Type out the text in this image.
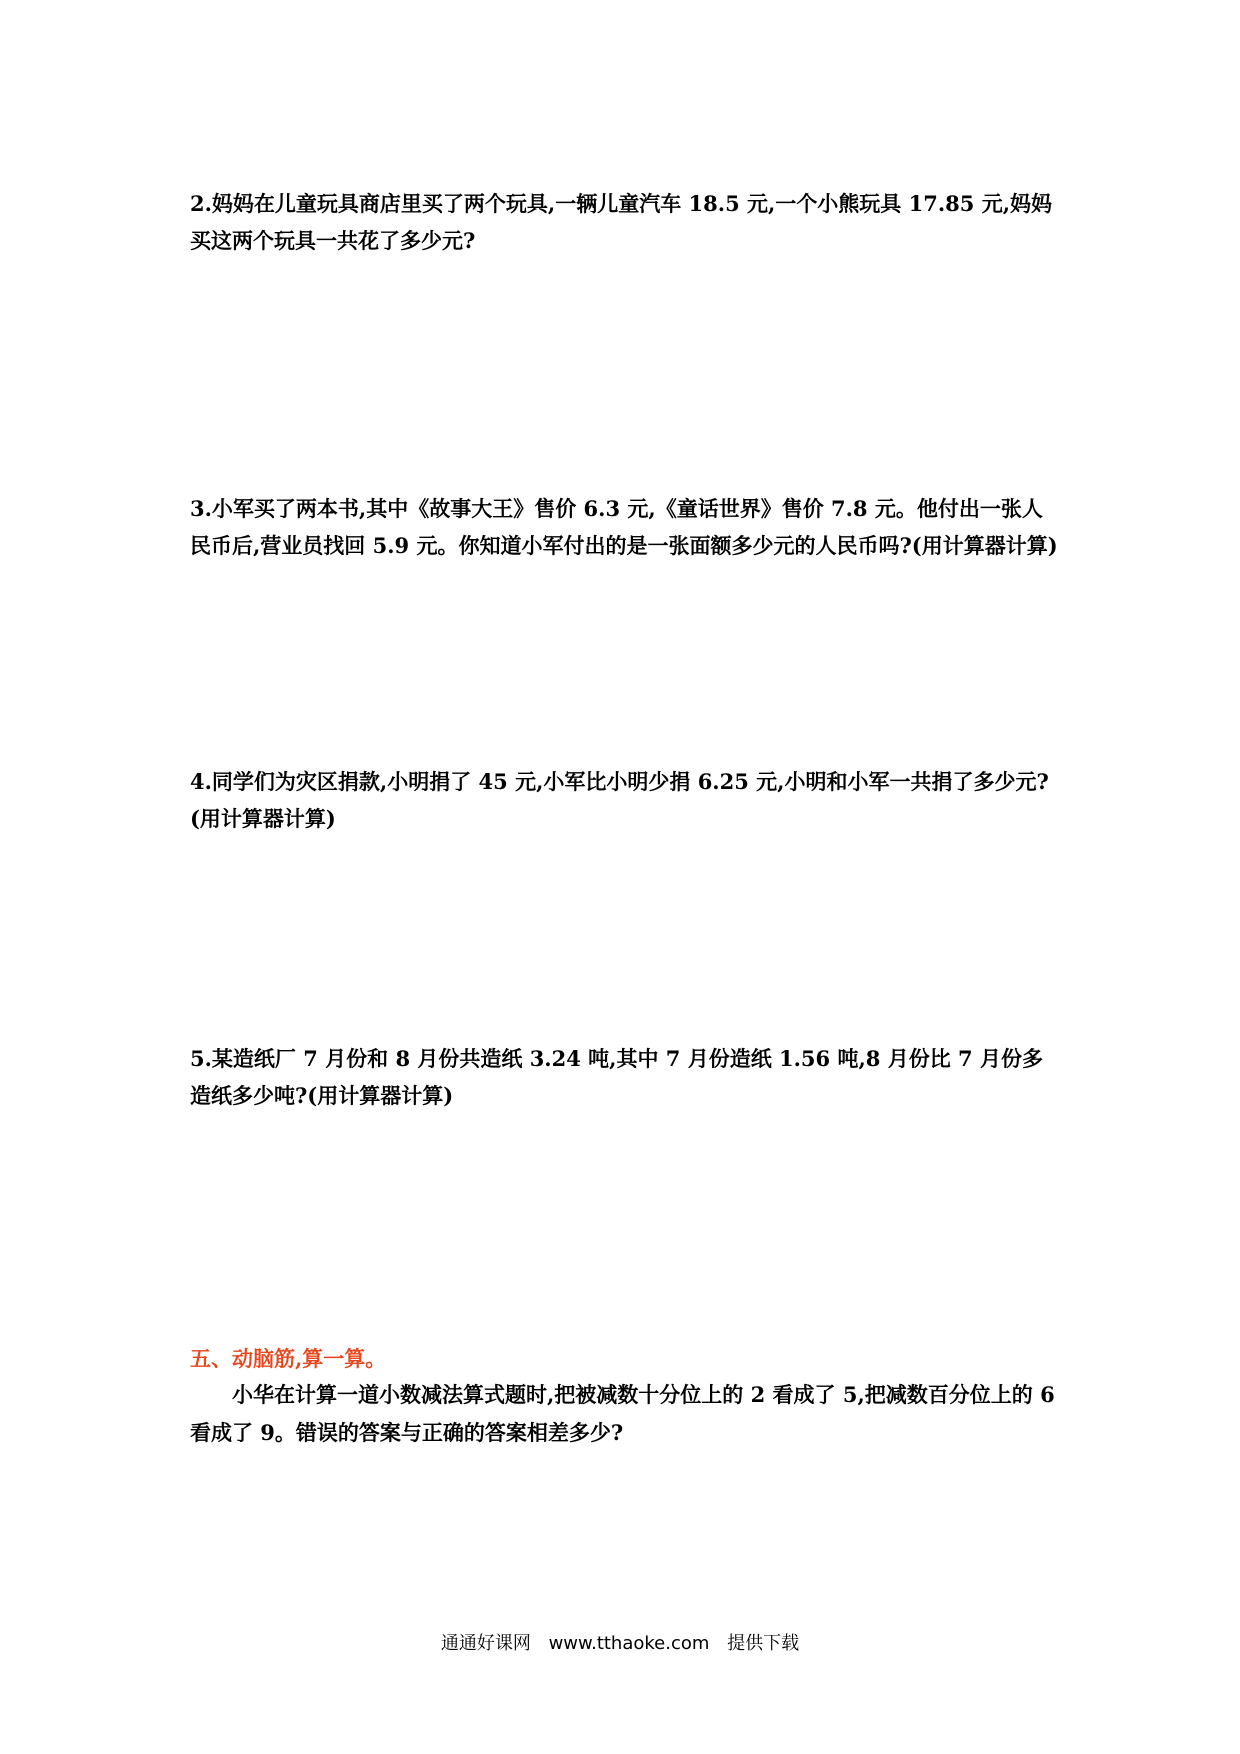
2.妈妈在儿童玩具商店里买了两个玩具,一辆儿童汽车 18.5 元,一个小熊玩具 17.85 元,妈妈买这两个玩具一共花了多少元?

3.小军买了两本书,其中《故事大王》售价 6.3 元,《童话世界》售价 7.8 元。他付出一张人民币后,营业员找回 5.9 元。你知道小军付出的是一张面额多少元的人民币吗?(用计算器计算)

4.同学们为灾区捐款,小明捐了 45 元,小军比小明少捐 6.25 元,小明和小军一共捐了多少元?(用计算器计算)

5.某造纸厂 7 月份和 8 月份共造纸 3.24 吨,其中 7 月份造纸 1.56 吨,8 月份比 7 月份多造纸多少吨?(用计算器计算)

五、动脑筋,算一算。

小华在计算一道小数减法算式题时,把被减数十分位上的 2 看成了 5,把减数百分位上的 6 看成了 9。错误的答案与正确的答案相差多少?

通通好课网 www.tthaoke.com 提供下载
